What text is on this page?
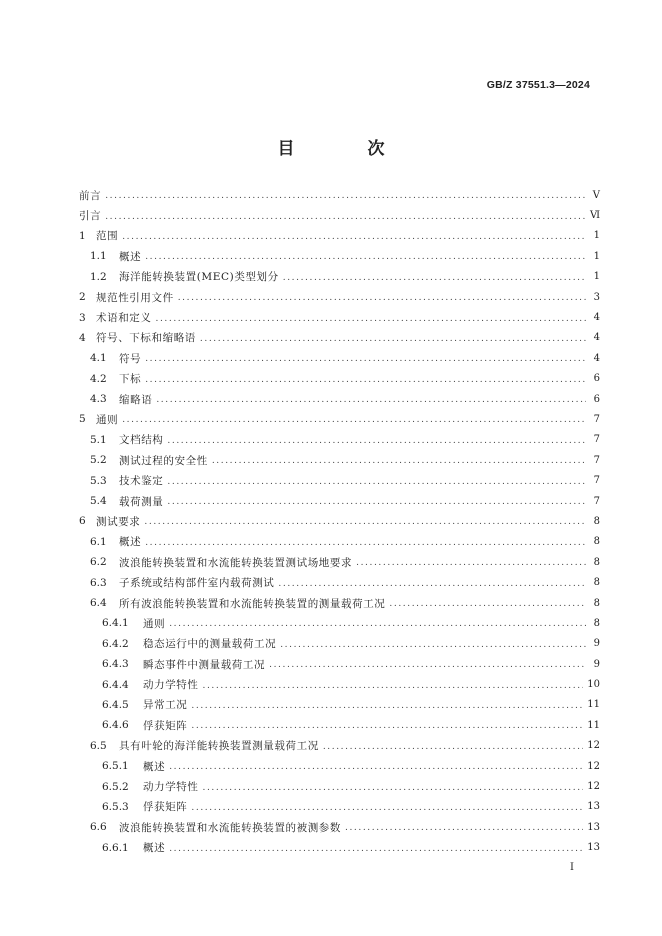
GB/Z 37551.3—2024
目　次
前言 .....	Ⅴ
引言 .....	Ⅵ
1 范围 .....	1
1.1	概述 .....	1
1.2	海洋能转换装置(MEC)类型划分 .....	1
2 规范性引用文件 .....	3
3 术语和定义 .....	4
4 符号、下标和缩略语 .....	4
4.1	符号 .....	4
4.2	下标 .....	6
4.3	缩略语 .....	6
5 通则 .....	7
5.1	文档结构 .....	7
5.2	测试过程的安全性 .....	7
5.3	技术鉴定 .....	7
5.4	载荷测量 .....	7
6 测试要求 .....	8
6.1	概述 .....	8
6.2	波浪能转换装置和水流能转换装置测试场地要求 .....	8
6.3	子系统或结构部件室内载荷测试 .....	8
6.4	所有波浪能转换装置和水流能转换装置的测量载荷工况 .....	8
6.4.1	通则 .....	8
6.4.2	稳态运行中的测量载荷工况 .....	9
6.4.3	瞬态事件中测量载荷工况 .....	9
6.4.4	动力学特性 .....	10
6.4.5	异常工况 .....	11
6.4.6	俘获矩阵 .....	11
6.5	具有叶轮的海洋能转换装置测量载荷工况 .....	12
6.5.1	概述 .....	12
6.5.2	动力学特性 .....	12
6.5.3	俘获矩阵 .....	13
6.6	波浪能转换装置和水流能转换装置的被测参数 .....	13
6.6.1	概述 .....	13
Ⅰ
